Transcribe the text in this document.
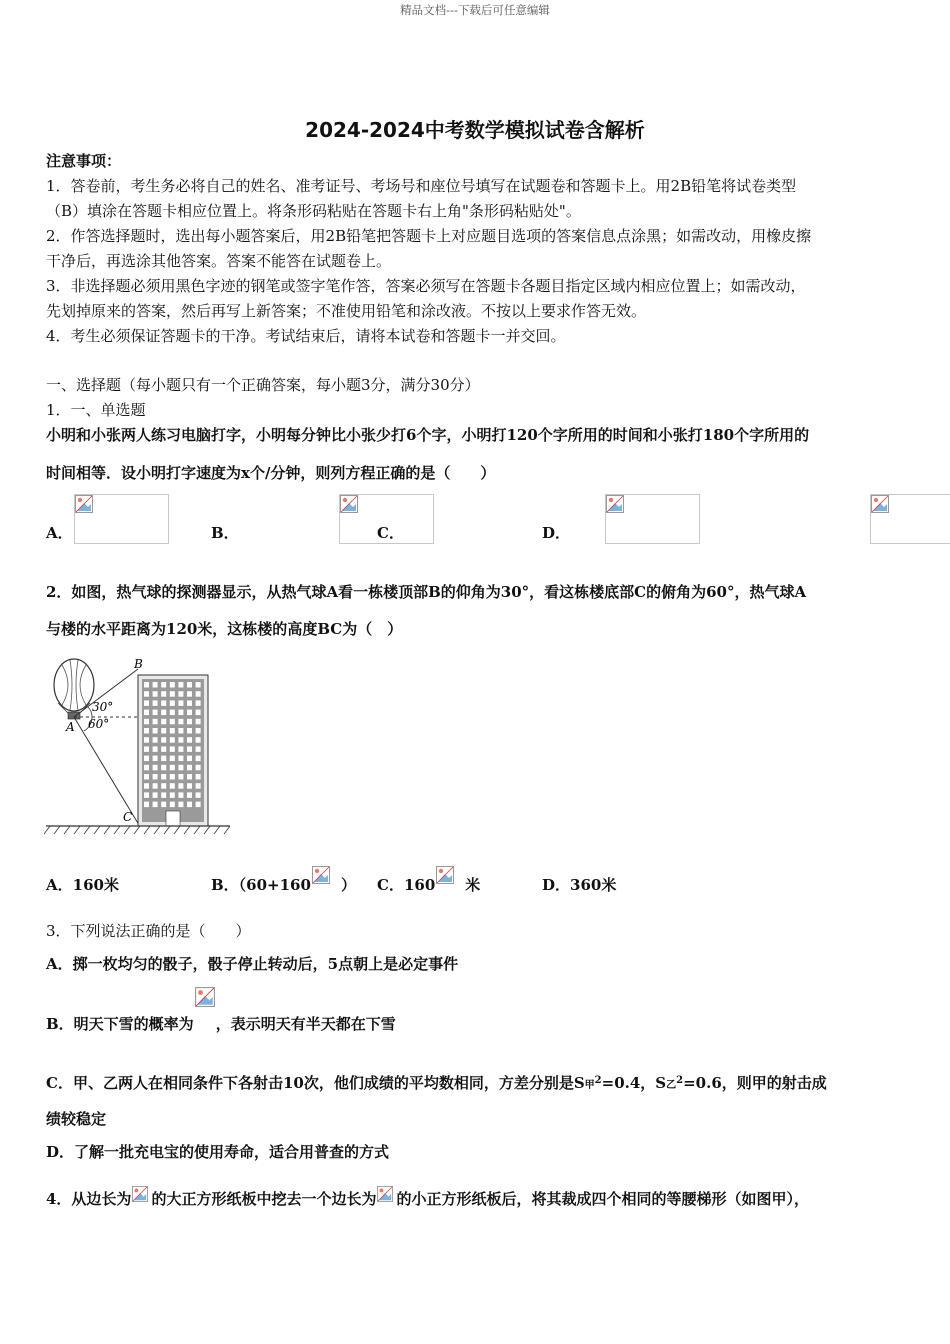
精品文档---下载后可任意编辑
2024-2024中考数学模拟试卷含解析
注意事项：
1．答卷前，考生务必将自己的姓名、准考证号、考场号和座位号填写在试题卷和答题卡上。用2B铅笔将试卷类型
（B）填涂在答题卡相应位置上。将条形码粘贴在答题卡右上角"条形码粘贴处"。
2．作答选择题时，选出每小题答案后，用2B铅笔把答题卡上对应题目选项的答案信息点涂黑；如需改动，用橡皮擦
干净后，再选涂其他答案。答案不能答在试题卷上。
3．非选择题必须用黑色字迹的钢笔或签字笔作答，答案必须写在答题卡各题目指定区域内相应位置上；如需改动，
先划掉原来的答案，然后再写上新答案；不准使用铅笔和涂改液。不按以上要求作答无效。
4．考生必须保证答题卡的干净。考试结束后，请将本试卷和答题卡一并交回。
一、选择题（每小题只有一个正确答案，每小题3分，满分30分）
1．一、单选题
小明和小张两人练习电脑打字，小明每分钟比小张少打6个字，小明打120个字所用的时间和小张打180个字所用的
时间相等．设小明打字速度为x个/分钟，则列方程正确的是（　　）
A．
	B．
	C．
	D．
2．如图，热气球的探测器显示，从热气球A看一栋楼顶部B的仰角为30°，看这栋楼底部C的俯角为60°，热气球A
与楼的水平距离为120米，这栋楼的高度BC为（　）
30°
60°
A
B
C
A．160米	B．（60+160 ） C．160 米	D．360米
3．下列说法正确的是（　　）
A．掷一枚均匀的骰子，骰子停止转动后，5点朝上是必定事件
B．明天下雪的概率为 ，表示明天有半天都在下雪
C．甲、乙两人在相同条件下各射击10次，他们成绩的平均数相同，方差分别是S甲$^2$=0.4，S乙$^2$=0.6，则甲的射击成
绩较稳定
D．了解一批充电宝的使用寿命，适合用普查的方式
4．从边长为 的大正方形纸板中挖去一个边长为 的小正方形纸板后，将其裁成四个相同的等腰梯形（如图甲），
